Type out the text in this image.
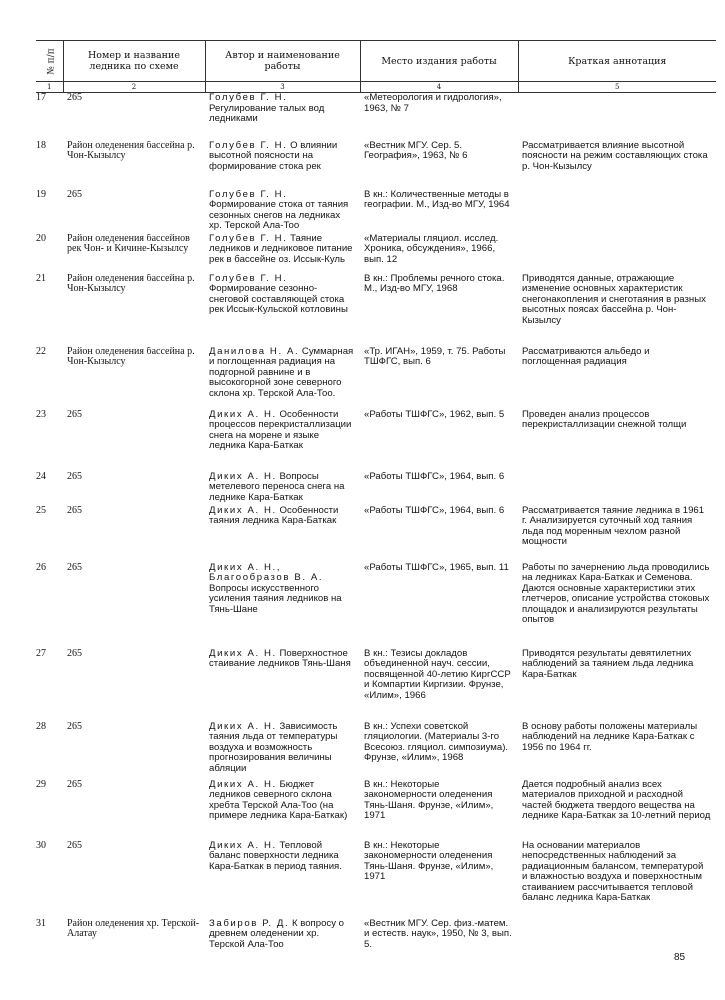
№ п/п	Номер и название ледника по схеме	Автор и наименование работы	Место издания работы	Краткая аннотация
1	2	3	4	5
17	265	Голубев Г. Н. Регулирование талых вод ледниками	«Метеорология и гидрология», 1963, № 7	
18	Район оледенения бассейна р. Чон-Кызылсу	Голубев Г. Н. О влиянии высотной поясности на формирование стока рек	«Вестник МГУ. Сер. 5. География», 1963, № 6	Рассматривается влияние высотной поясности на режим составляющих стока р. Чон-Кызылсу
19	265	Голубев Г. Н. Формирование стока от таяния сезонных снегов на ледниках хр. Терской Ала-Тоо	В кн.: Количественные методы в географии. М., Изд-во МГУ, 1964	
20	Район оледенения бассейнов рек Чон- и Кичине-Кызылсу	Голубев Г. Н. Таяние ледников и ледниковое питание рек в бассейне оз. Иссык-Куль	«Материалы гляциол. исслед. Хроника, обсуждения», 1966, вып. 12	
21	Район оледенения бассейна р. Чон-Кызылсу	Голубев Г. Н. Формирование сезонно-снеговой составляющей стока рек Иссык-Кульской котловины	В кн.: Проблемы речного стока. М., Изд-во МГУ, 1968	Приводятся данные, отражающие изменение основных характеристик снегонакопления и снеготаяния в разных высотных поясах бассейна р. Чон-Кызылсу
22	Район оледенения бассейна р. Чон-Кызылсу	Данилова Н. А. Суммарная и поглощенная радиация на подгорной равнине и в высокогорной зоне северного склона хр. Терской Ала-Тоо.	«Тр. ИГАН», 1959, т. 75. Работы ТШФГС, вып. 6	Рассматриваются альбедо и поглощенная радиация
23	265	Диких А. Н. Особенности процессов перекристаллизации снега на морене и языке ледника Кара-Баткак	«Работы ТШФГС», 1962, вып. 5	Проведен анализ процессов перекристаллизации снежной толщи
24	265	Диких А. Н. Вопросы метелевого переноса снега на леднике Кара-Баткак	«Работы ТШФГС», 1964, вып. 6	
25	265	Диких А. Н. Особенности таяния ледника Кара-Баткак	«Работы ТШФГС», 1964, вып. 6	Рассматривается таяние ледника в 1961 г. Анализируется суточный ход таяния льда под моренным чехлом разной мощности
26	265	Диких А. Н., Благообразов В. А. Вопросы искусственного усиления таяния ледников на Тянь-Шане	«Работы ТШФГС», 1965, вып. 11	Работы по зачернению льда проводились на ледниках Кара-Баткак и Семенова. Даются основные характеристики этих глетчеров, описание устройства стоковых площадок и анализируются результаты опытов
27	265	Диких А. Н. Поверхностное стаивание ледников Тянь-Шаня	В кн.: Тезисы докладов объединенной науч. сессии, посвященной 40-летию КиргССР и Компартии Киргизии. Фрунзе, «Илим», 1966	Приводятся результаты девятилетних наблюдений за таянием льда ледника Кара-Баткак
28	265	Диких А. Н. Зависимость таяния льда от температуры воздуха и возможность прогнозирования величины абляции	В кн.: Успехи советской гляциологии. (Материалы 3-го Всесоюз. гляциол. симпозиума). Фрунзе, «Илим», 1968	В основу работы положены материалы наблюдений на леднике Кара-Баткак с 1956 по 1964 гг.
29	265	Диких А. Н. Бюджет ледников северного склона хребта Терской Ала-Тоо (на примере ледника Кара-Баткак)	В кн.: Некоторые закономерности оледенения Тянь-Шаня. Фрунзе, «Илим», 1971	Дается подробный анализ всех материалов приходной и расходной частей бюджета твердого вещества на леднике Кара-Баткак за 10-летний период
30	265	Диких А. Н. Тепловой баланс поверхности ледника Кара-Баткак в период таяния.	В кн.: Некоторые закономерности оледенения Тянь-Шаня. Фрунзе, «Илим», 1971	На основании материалов непосредственных наблюдений за радиационным балансом, температурой и влажностью воздуха и поверхностным стаиванием рассчитывается тепловой баланс ледника Кара-Баткак
31	Район оледенения хр. Терской-Алатау	Забиров Р. Д. К вопросу о древнем оледенении хр. Терской Ала-Тоо	«Вестник МГУ. Сер. физ.-матем. и естеств. наук», 1950, № 3, вып. 5.	
85
